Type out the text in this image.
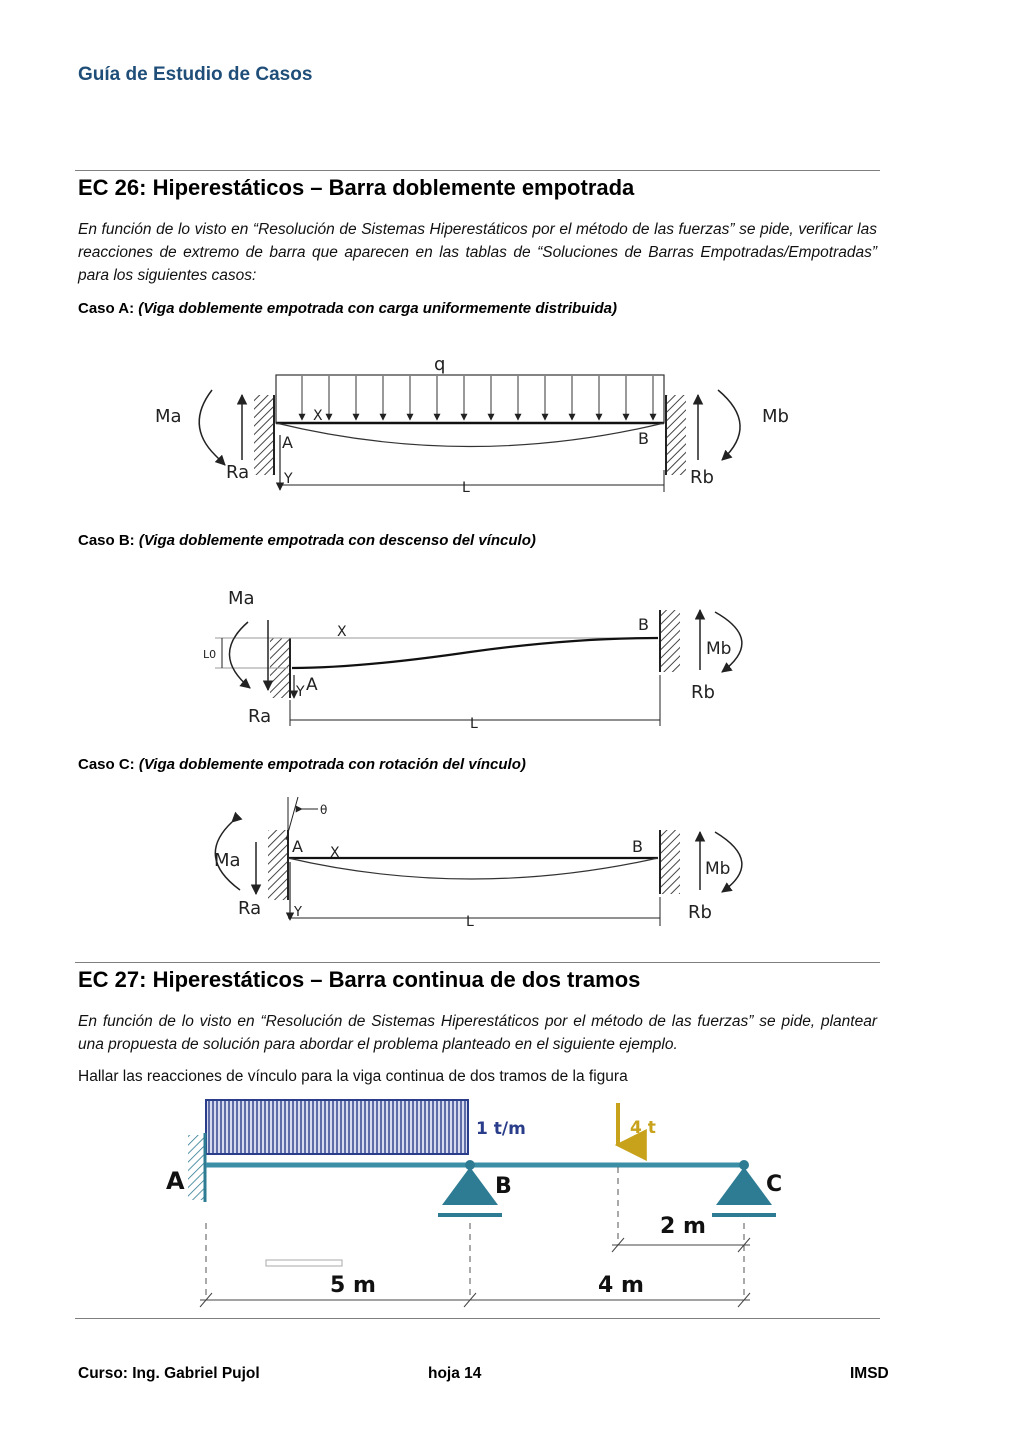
Guía de Estudio de Casos
EC 26: Hiperestáticos – Barra doblemente empotrada
En función de lo visto en “Resolución de Sistemas Hiperestáticos por el método de las fuerzas” se pide, verificar las reacciones de extremo de barra que aparecen en las tablas de “Soluciones de Barras Empotradas/Empotradas” para los siguientes casos:
Caso A: (Viga doblemente empotrada con carga uniformemente distribuida)
q
Ma	Mb
Ra	Rb
A	B
X
Y
L
Caso B: (Viga doblemente empotrada con descenso del vínculo)
Ma
Mb
Ra
Rb
A
B
X
Y
L
L0
Caso C: (Viga doblemente empotrada con rotación del vínculo)
Ma	Mb
Ra	Rb
A	B
X
Y
L
θ
EC 27: Hiperestáticos – Barra continua de dos tramos
En función de lo visto en “Resolución de Sistemas Hiperestáticos por el método de las fuerzas” se pide, plantear una propuesta de solución para abordar el problema planteado en el siguiente ejemplo.
Hallar las reacciones de vínculo para la viga continua de dos tramos de la figura
1 t/m	4 t
A	B	C
2 m
5 m	4 m
Curso: Ing. Gabriel Pujol	hoja 14	IMSD
